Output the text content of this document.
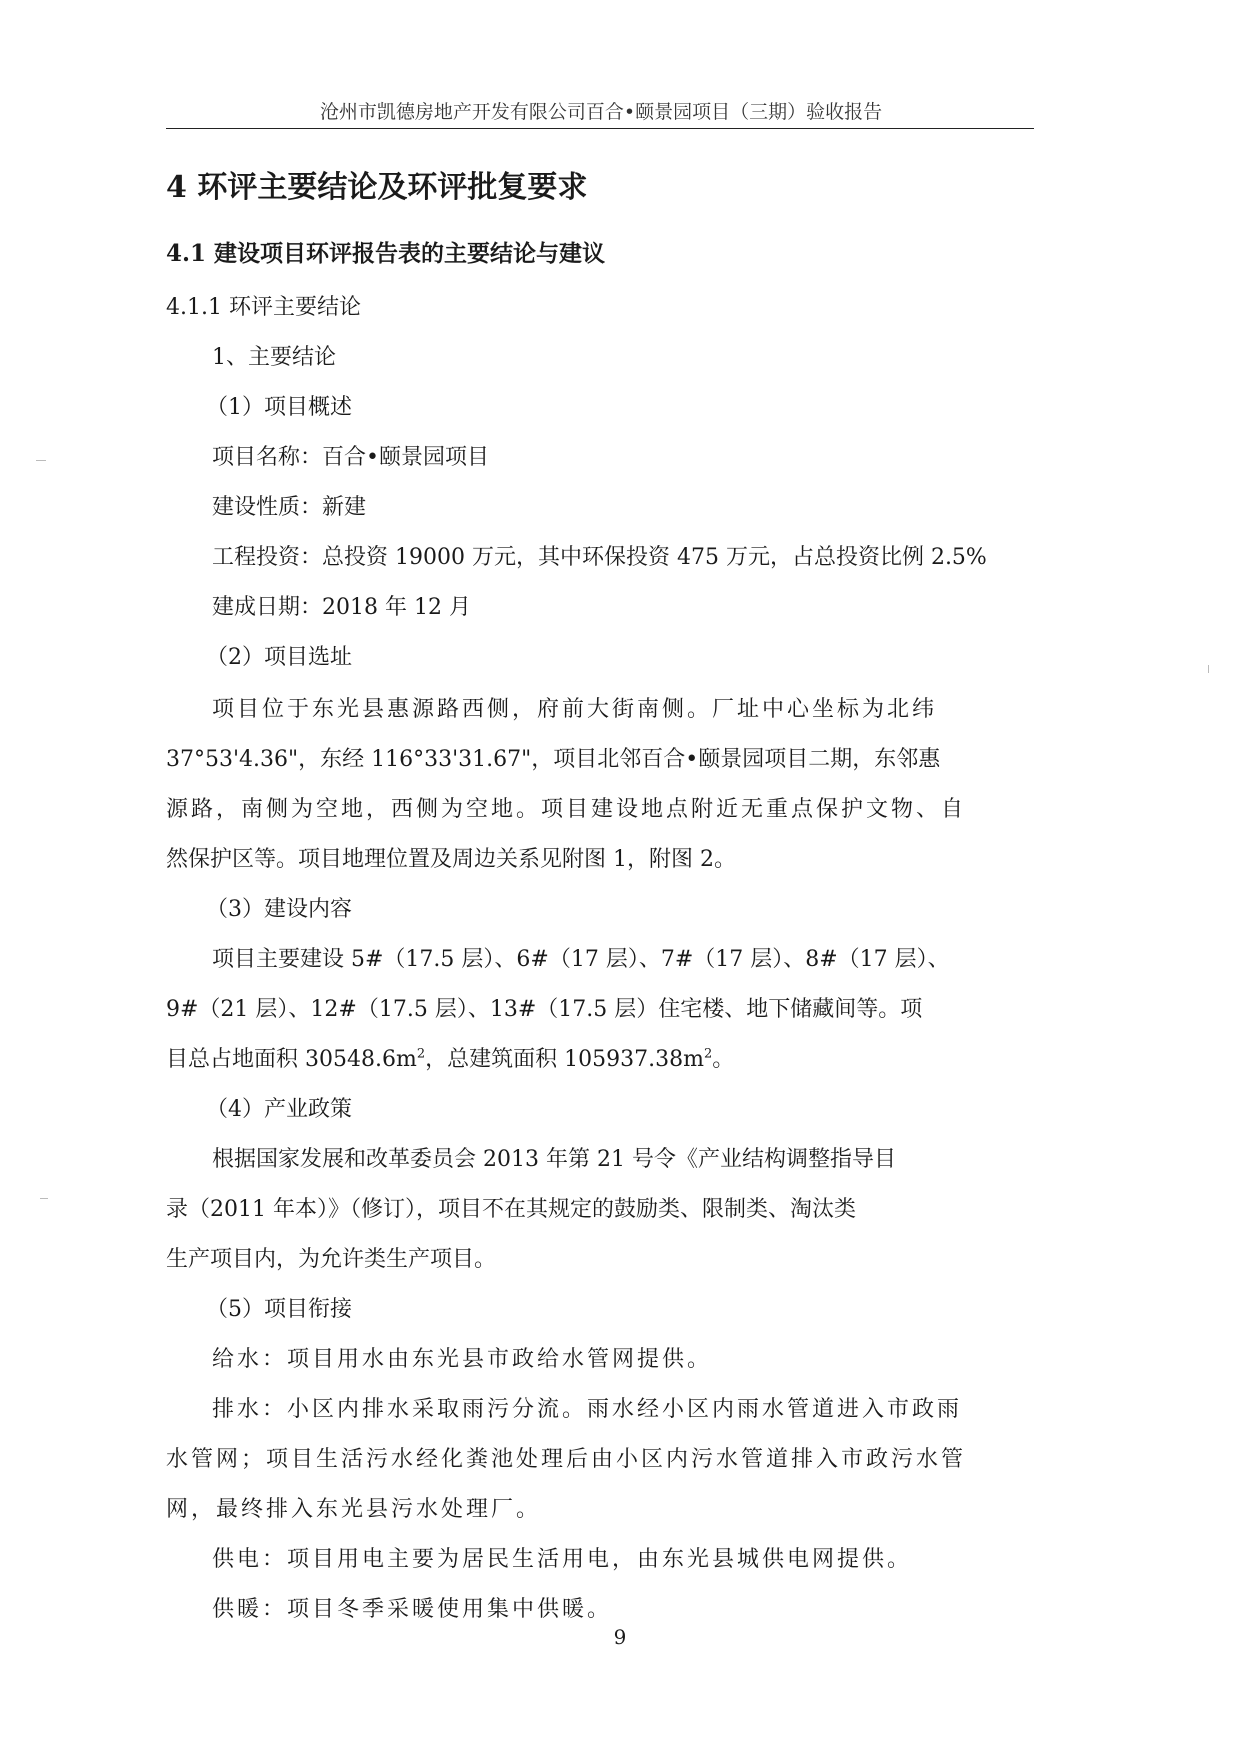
沧州市凯德房地产开发有限公司百合•颐景园项目（三期）验收报告
4 环评主要结论及环评批复要求
4.1 建设项目环评报告表的主要结论与建议
4.1.1 环评主要结论
1、主要结论
（1）项目概述
项目名称：百合•颐景园项目
建设性质：新建
工程投资：总投资 19000 万元，其中环保投资 475 万元，占总投资比例 2.5%
建成日期：2018 年 12 月
（2）项目选址
项目位于东光县惠源路西侧，府前大街南侧。厂址中心坐标为北纬
37°53'4.36"，东经 116°33'31.67"，项目北邻百合•颐景园项目二期，东邻惠
源路，南侧为空地，西侧为空地。项目建设地点附近无重点保护文物、自
然保护区等。项目地理位置及周边关系见附图 1，附图 2。
（3）建设内容
项目主要建设 5#（17.5 层）、6#（17 层）、7#（17 层）、8#（17 层）、
9#（21 层）、12#（17.5 层）、13#（17.5 层）住宅楼、地下储藏间等。项
目总占地面积 $30548.6m^2$，总建筑面积 $105937.38m^2$。
（4）产业政策
根据国家发展和改革委员会 2013 年第 21 号令《产业结构调整指导目
录（2011 年本）》（修订），项目不在其规定的鼓励类、限制类、淘汰类
生产项目内，为允许类生产项目。
（5）项目衔接
给水：项目用水由东光县市政给水管网提供。
排水：小区内排水采取雨污分流。雨水经小区内雨水管道进入市政雨
水管网；项目生活污水经化粪池处理后由小区内污水管道排入市政污水管
网，最终排入东光县污水处理厂。
供电：项目用电主要为居民生活用电，由东光县城供电网提供。
供暖：项目冬季采暖使用集中供暖。
9
